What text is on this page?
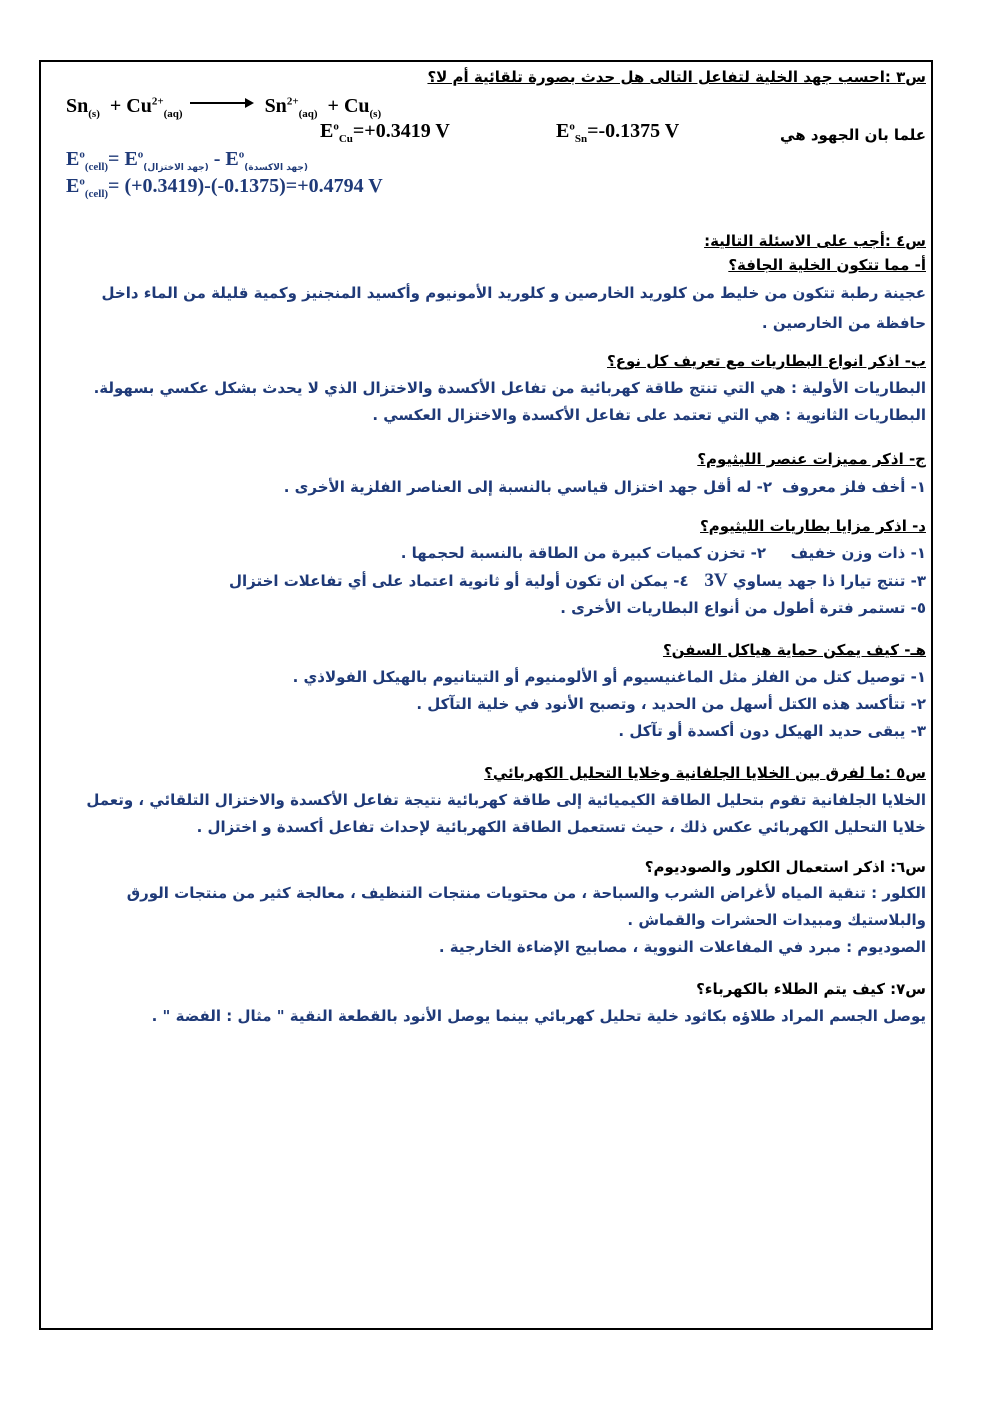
س٣ :احسب جهد الخلية لتفاعل التالى هل حدث بصورة تلقائية أم لا؟
$Sn_{(s)} + Cu^{2+}_{(aq)}$	$Sn^{2+}_{(aq)} + Cu_{(s)}$
علما بان الجهود هي
$E^o_{Sn}=-0.1375$ V
$E^o_{Cu}=+0.3419$ V
$E^o_{(cell)}= E^o_{(جهد الاختزال)} - E^o_{(جهد الاكسدة)}$
$E^o_{(cell)}= (+0.3419)-(-0.1375)=+0.4794$ V
س٤ :أجب على الاسئلة التالية:
أ- مما تتكون الخلية الجافة؟
عجينة رطبة تتكون من خليط من كلوريد الخارصين و كلوريد الأمونيوم وأكسيد المنجنيز وكمية قليلة من الماء داخل
حافظة من الخارصين .
ب- اذكر انواع البطاريات مع تعريف كل نوع؟
البطاريات الأولية : هي التي تنتج طاقة كهربائية من تفاعل الأكسدة والاختزال الذي لا يحدث بشكل عكسي بسهولة.
البطاريات الثانوية : هي التي تعتمد على تفاعل الأكسدة والاختزال العكسي .
ج- اذكر مميزات عنصر الليثيوم؟
١- أخف فلز معروف
٢- له أقل جهد اختزال قياسي بالنسبة إلى العناصر الفلزية الأخرى .
د- اذكر مزايا بطاريات الليثيوم؟
١- ذات وزن خفيف
٢- تخزن كميات كبيرة من الطاقة بالنسبة لحجمها .
٣- تنتج تيارا ذا جهد يساوي 3V   ٤- يمكن ان تكون أولية أو ثانوية اعتماد على أي تفاعلات اختزال
٥- تستمر فترة أطول من أنواع البطاريات الأخرى .
هـ- كيف يمكن حماية هياكل السفن؟
١- توصيل كتل من الفلز مثل الماغنيسيوم أو الألومنيوم أو التيتانيوم بالهيكل الفولاذي .
٢- تتأكسد هذه الكتل أسهل من الحديد ، وتصبح الأنود في خلية التآكل .
٣- يبقى حديد الهيكل دون أكسدة أو تآكل .
س٥ :ما لفرق بين الخلايا الجلفانية وخلايا التحليل الكهربائي؟
الخلايا الجلفانية تقوم بتحليل الطاقة الكيميائية إلى طاقة كهربائية نتيجة تفاعل الأكسدة والاختزال التلقائي ، وتعمل
خلايا التحليل الكهربائي عكس ذلك ، حيث تستعمل الطاقة الكهربائية لإحداث تفاعل أكسدة و اختزال .
س٦: اذكر استعمال الكلور والصوديوم؟
الكلور : تنقية المياه لأغراض الشرب والسباحة ، من محتويات منتجات التنظيف ، معالجة كثير من منتجات الورق
والبلاستيك ومبيدات الحشرات والقماش .
الصوديوم : مبرد في المفاعلات النووية ، مصابيح الإضاءة الخارجية .
س٧: كيف يتم الطلاء بالكهرباء؟
يوصل الجسم المراد طلاؤه بكاثود خلية تحليل كهربائي بينما يوصل الأنود بالقطعة النقية " مثال : الفضة " .
